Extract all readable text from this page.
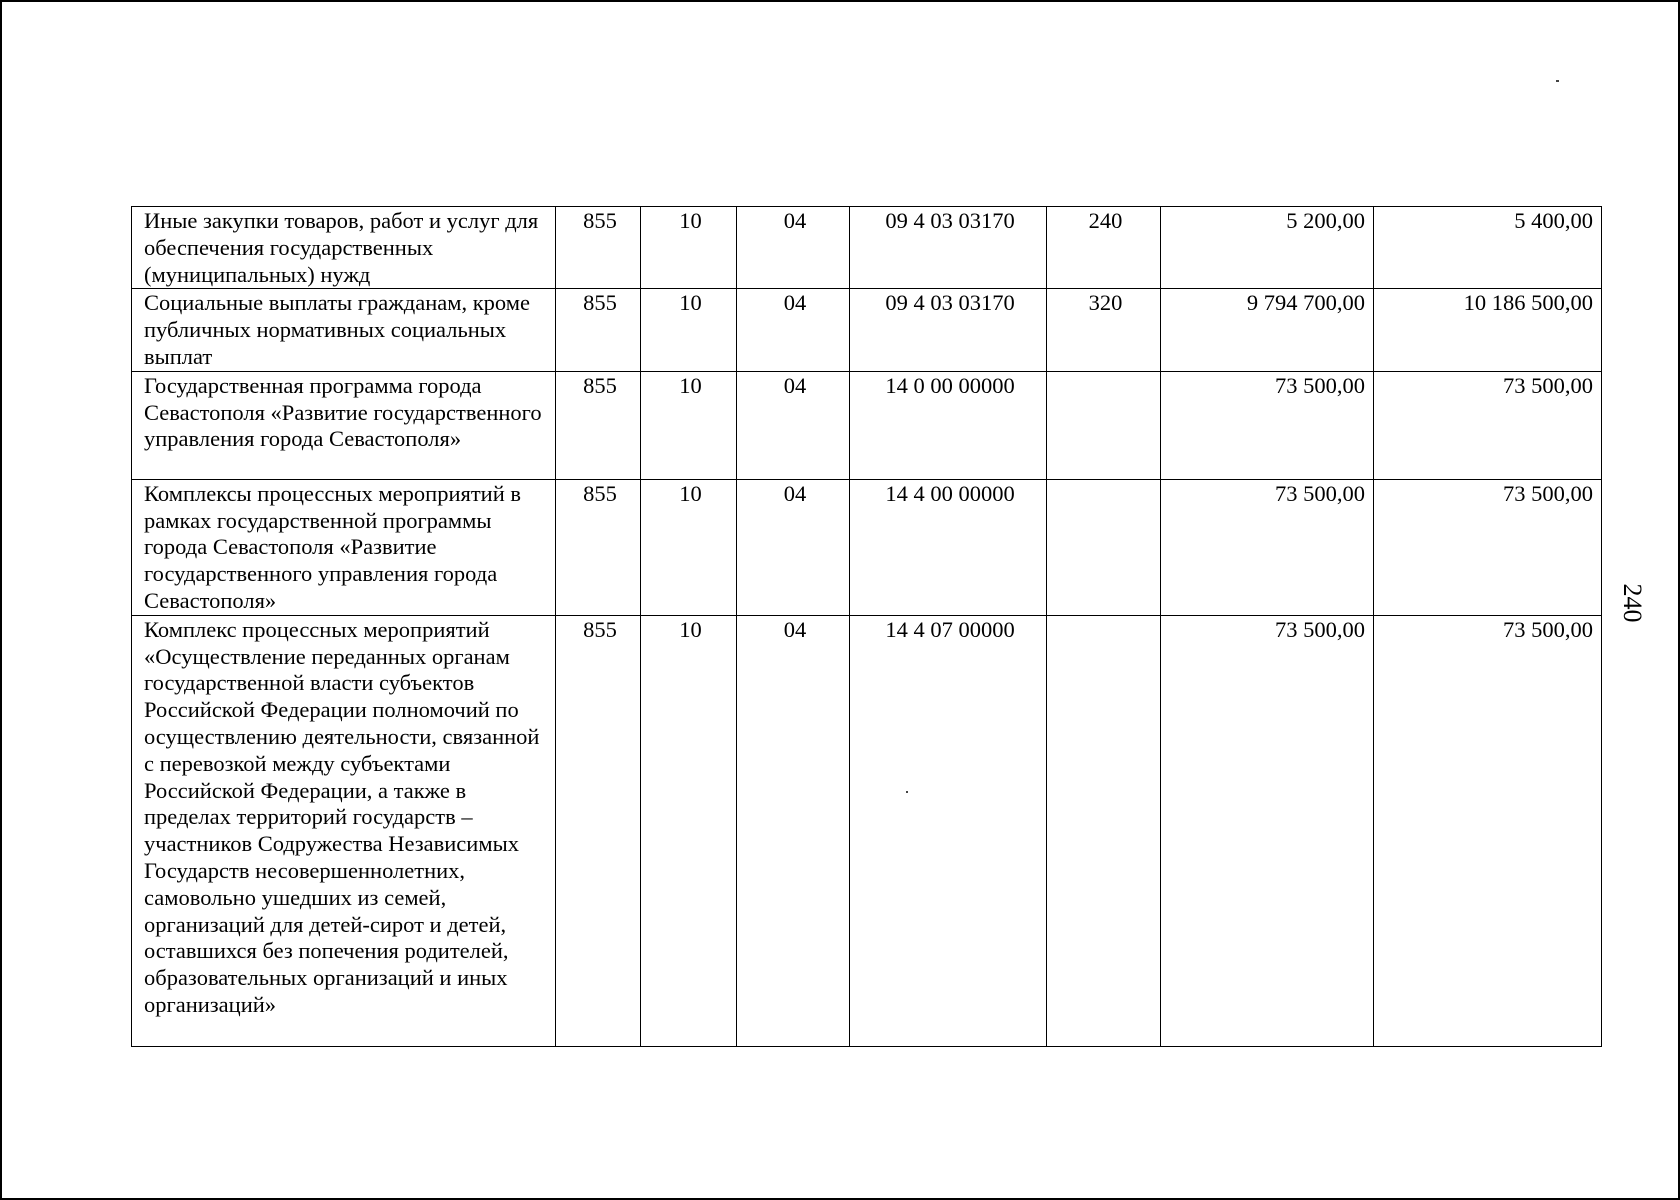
Иные закупки товаров, работ и услуг для обеспечения государственных (муниципальных) нужд	855	10	04	09 4 03 03170	240	5 200,00	5 400,00
Социальные выплаты гражданам, кроме публичных нормативных социальных выплат	855	10	04	09 4 03 03170	320	9 794 700,00	10 186 500,00
Государственная программа города Севастополя «Развитие государственного управления города Севастополя»	855	10	04	14 0 00 00000		73 500,00	73 500,00
Комплексы процессных мероприятий в рамках государственной программы города Севастополя «Развитие государственного управления города Севастополя»	855	10	04	14 4 00 00000		73 500,00	73 500,00
Комплекс процессных мероприятий «Осуществление переданных органам государственной власти субъектов Российской Федерации полномочий по осуществлению деятельности, связанной с перевозкой между субъектами Российской Федерации, а также в пределах территорий государств – участников Содружества Независимых Государств несовершеннолетних, самовольно ушедших из семей, организаций для детей-сирот и детей, оставшихся без попечения родителей, образовательных организаций и иных организаций»	855	10	04	14 4 07 00000		73 500,00	73 500,00
240
